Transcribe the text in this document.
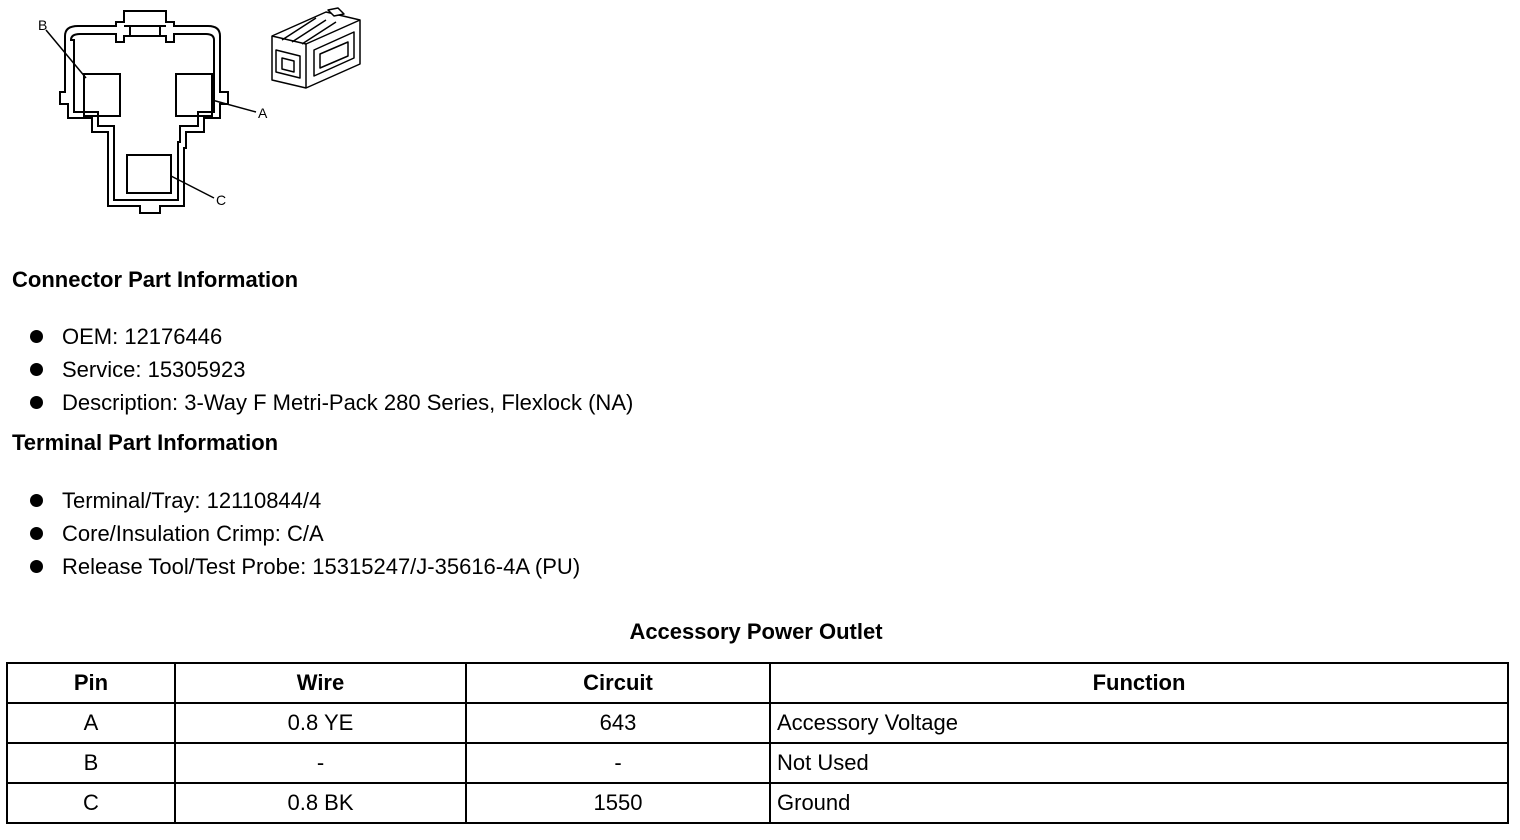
B
A
C
Connector Part Information
OEM: 12176446
Service: 15305923
Description: 3-Way F Metri-Pack 280 Series, Flexlock (NA)
Terminal Part Information
Terminal/Tray: 12110844/4
Core/Insulation Crimp: C/A
Release Tool/Test Probe: 15315247/J-35616-4A (PU)
Accessory Power Outlet
Pin	Wire	Circuit	Function
A	0.8 YE	643	Accessory Voltage
B	-	-	Not Used
C	0.8 BK	1550	Ground
